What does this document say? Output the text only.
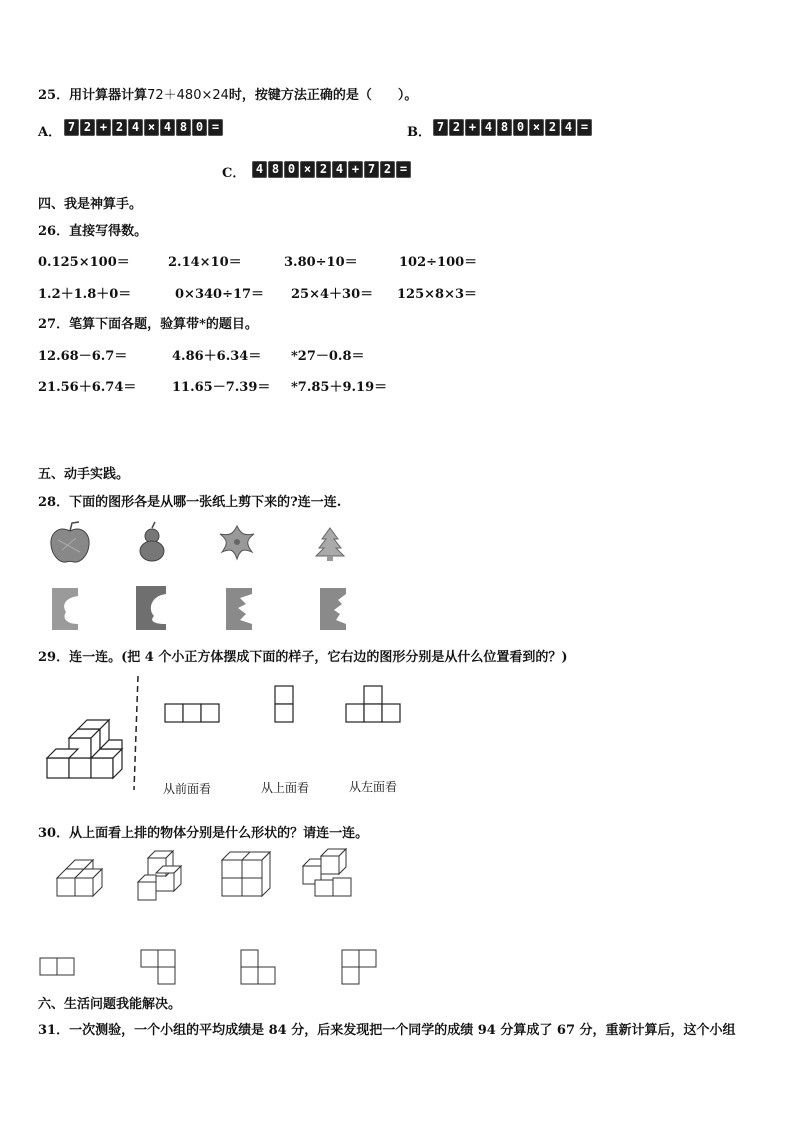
25．用计算器计算72＋480×24时，按键方法正确的是（　　）。
A． 7 2 + 2 4 × 4 8 0 =	B． 7 2 + 4 8 0 × 2 4 =
C． 4 8 0 × 2 4 + 7 2 =
四、我是神算手。
26．直接写得数。
0.125×100＝	2.14×10＝	3.80÷10＝	102÷100＝
1.2＋1.8＋0＝	0×340÷17＝ 25×4＋30＝ 125×8×3＝
27．笔算下面各题，验算带*的题目。
12.68－6.7＝	4.86＋6.34＝ *27－0.8＝
21.56＋6.74＝	11.65－7.39＝ *7.85＋9.19＝
五、动手实践。
28．下面的图形各是从哪一张纸上剪下来的?连一连.
29．连一连。(把 4 个小正方体摆成下面的样子，它右边的图形分别是从什么位置看到的？)
从前面看	从上面看	从左面看
30．从上面看上排的物体分别是什么形状的？请连一连。
六、生活问题我能解决。
31．一次测验，一个小组的平均成绩是 84 分，后来发现把一个同学的成绩 94 分算成了 67 分，重新计算后，这个小组
